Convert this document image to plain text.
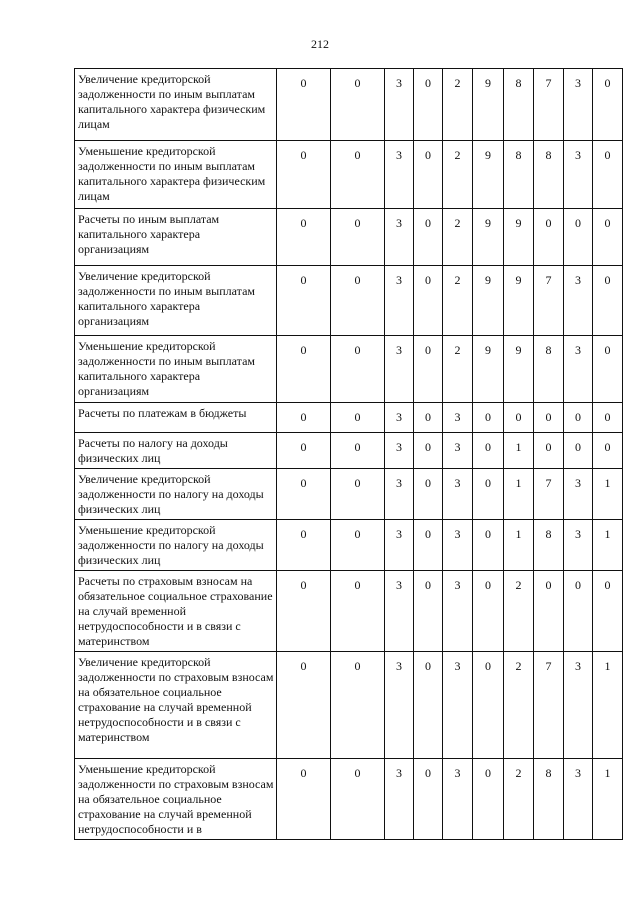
212
Увеличение кредиторской задолженности по иным выплатам капитального характера физическим лицам	0	0	3	0	2	9	8	7	3	0
Уменьшение кредиторской задолженности по иным выплатам капитального характера физическим лицам	0	0	3	0	2	9	8	8	3	0
Расчеты по иным выплатам капитального характера организациям	0	0	3	0	2	9	9	0	0	0
Увеличение кредиторской задолженности по иным выплатам капитального характера организациям	0	0	3	0	2	9	9	7	3	0
Уменьшение кредиторской задолженности по иным выплатам капитального характера организациям	0	0	3	0	2	9	9	8	3	0
Расчеты по платежам в бюджеты	0	0	3	0	3	0	0	0	0	0
Расчеты по налогу на доходы физических лиц	0	0	3	0	3	0	1	0	0	0
Увеличение кредиторской задолженности по налогу на доходы физических лиц	0	0	3	0	3	0	1	7	3	1
Уменьшение кредиторской задолженности по налогу на доходы физических лиц	0	0	3	0	3	0	1	8	3	1
Расчеты по страховым взносам на обязательное социальное страхование на случай временной нетрудоспособности и в связи с материнством	0	0	3	0	3	0	2	0	0	0
Увеличение кредиторской задолженности по страховым взносам на обязательное социальное страхование на случай временной нетрудоспособности и в связи с материнством	0	0	3	0	3	0	2	7	3	1
Уменьшение кредиторской задолженности по страховым взносам на обязательное социальное страхование на случай временной нетрудоспособности и в	0	0	3	0	3	0	2	8	3	1
